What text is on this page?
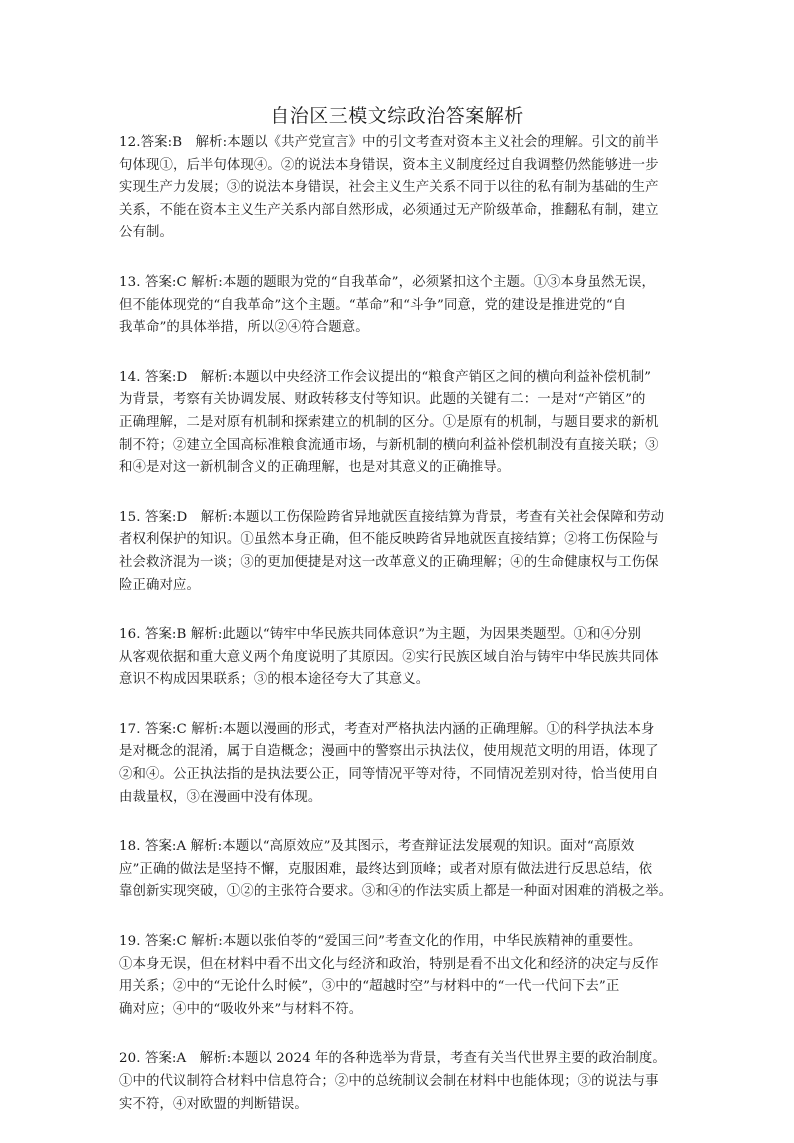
自治区三模文综政治答案解析
12.答案:B　解析:本题以《共产党宣言》中的引文考查对资本主义社会的理解。引文的前半
句体现①，后半句体现④。②的说法本身错误，资本主义制度经过自我调整仍然能够进一步
实现生产力发展；③的说法本身错误，社会主义生产关系不同于以往的私有制为基础的生产
关系，不能在资本主义生产关系内部自然形成，必须通过无产阶级革命，推翻私有制，建立
公有制。
13. 答案:C 解析:本题的题眼为党的“自我革命”，必须紧扣这个主题。①③本身虽然无误，
但不能体现党的“自我革命”这个主题。“革命”和“斗争”同意，党的建设是推进党的“自
我革命”的具体举措，所以②④符合题意。
14. 答案:D　解析:本题以中央经济工作会议提出的“粮食产销区之间的横向利益补偿机制”
为背景，考察有关协调发展、财政转移支付等知识。此题的关键有二：一是对“产销区”的
正确理解，二是对原有机制和探索建立的机制的区分。①是原有的机制，与题目要求的新机
制不符；②建立全国高标准粮食流通市场，与新机制的横向利益补偿机制没有直接关联；③
和④是对这一新机制含义的正确理解，也是对其意义的正确推导。
15. 答案:D　解析:本题以工伤保险跨省异地就医直接结算为背景，考查有关社会保障和劳动
者权利保护的知识。①虽然本身正确，但不能反映跨省异地就医直接结算；②将工伤保险与
社会救济混为一谈；③的更加便捷是对这一改革意义的正确理解；④的生命健康权与工伤保
险正确对应。
16. 答案:B 解析:此题以“铸牢中华民族共同体意识”为主题，为因果类题型。①和④分别
从客观依据和重大意义两个角度说明了其原因。②实行民族区域自治与铸牢中华民族共同体
意识不构成因果联系；③的根本途径夸大了其意义。
17. 答案:C 解析:本题以漫画的形式，考查对严格执法内涵的正确理解。①的科学执法本身
是对概念的混淆，属于自造概念；漫画中的警察出示执法仪，使用规范文明的用语，体现了
②和④。公正执法指的是执法要公正，同等情况平等对待，不同情况差别对待，恰当使用自
由裁量权，③在漫画中没有体现。
18. 答案:A 解析:本题以“高原效应”及其图示，考查辩证法发展观的知识。面对“高原效
应”正确的做法是坚持不懈，克服困难，最终达到顶峰；或者对原有做法进行反思总结，依
靠创新实现突破，①②的主张符合要求。③和④的作法实质上都是一种面对困难的消极之举。
19. 答案:C 解析:本题以张伯苓的“爱国三问”考查文化的作用，中华民族精神的重要性。
①本身无误，但在材料中看不出文化与经济和政治，特别是看不出文化和经济的决定与反作
用关系；②中的“无论什么时候”，③中的“超越时空”与材料中的“一代一代问下去”正
确对应；④中的“吸收外来”与材料不符。
20. 答案:A　解析:本题以 2024 年的各种选举为背景，考查有关当代世界主要的政治制度。
①中的代议制符合材料中信息符合；②中的总统制议会制在材料中也能体现；③的说法与事
实不符，④对欧盟的判断错误。
